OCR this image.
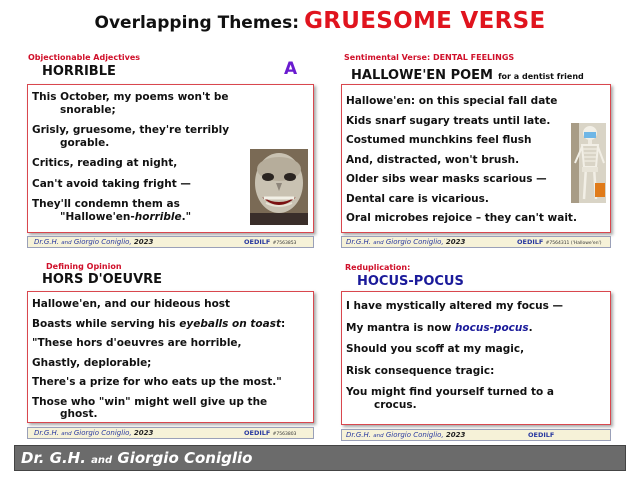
Overlapping Themes: GRUESOME VERSE
Objectionable Adjectives
HORRIBLE	A
This October, my poems won't be
snorable;
Grisly, gruesome, they're terribly
gorable.
Critics, reading at night,
Can't avoid taking fright —
They'll condemn them as
"Hallowe'en-horrible."
Dr.G.H. and Giorgio Coniglio, 2023	OEDILF #7563853
Sentimental Verse: DENTAL FEELINGS
HALLOWE'EN POEM for a dentist friend
Hallowe'en: on this special fall date
Kids snarf sugary treats until late.
Costumed munchkins feel flush
And, distracted, won't brush.
Older sibs wear masks scarious —
Dental care is vicarious.
Oral microbes rejoice – they can't wait.
Dr.G.H. and Giorgio Coniglio, 2023	OEDILF #7564311 ('Hallowe'en')
Defining Opinion
HORS D'OEUVRE
Hallowe'en, and our hideous host
Boasts while serving his eyeballs on toast:
"These hors d'oeuvres are horrible,
Ghastly, deplorable;
There's a prize for who eats up the most."
Those who "win" might well give up the
ghost.
Dr.G.H. and Giorgio Coniglio, 2023	OEDILF #7563803
Reduplication:
HOCUS-POCUS
I have mystically altered my focus —
My mantra is now hocus-pocus.
Should you scoff at my magic,
Risk consequence tragic:
You might find yourself turned to a
crocus.
Dr.G.H. and Giorgio Coniglio, 2023	OEDILF
Dr. G.H. and Giorgio Coniglio
